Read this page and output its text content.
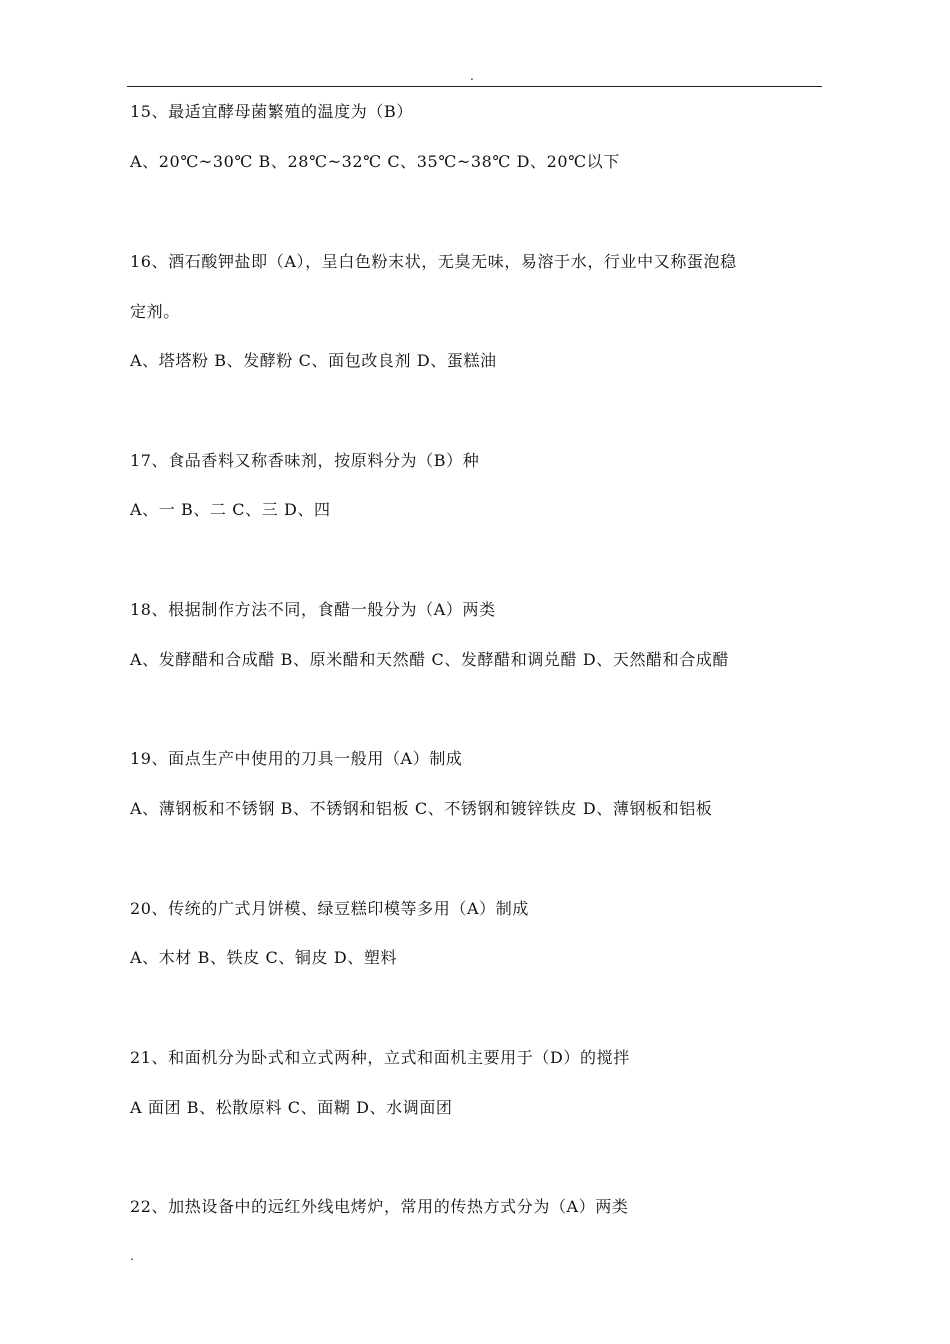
.
15、最适宜酵母菌繁殖的温度为（B）
A、20℃~30℃ B、28℃~32℃ C、35℃~38℃ D、20℃以下
16、酒石酸钾盐即（A），呈白色粉末状，无臭无味，易溶于水，行业中又称蛋泡稳
定剂。
A、塔塔粉 B、发酵粉 C、面包改良剂 D、蛋糕油
17、食品香料又称香味剂，按原料分为（B）种
A、一 B、二 C、三 D、四
18、根据制作方法不同，食醋一般分为（A）两类
A、发酵醋和合成醋 B、原米醋和天然醋 C、发酵醋和调兑醋 D、天然醋和合成醋
19、面点生产中使用的刀具一般用（A）制成
A、薄钢板和不锈钢 B、不锈钢和铝板 C、不锈钢和镀锌铁皮 D、薄钢板和铝板
20、传统的广式月饼模、绿豆糕印模等多用（A）制成
A、木材 B、铁皮 C、铜皮 D、塑料
21、和面机分为卧式和立式两种，立式和面机主要用于（D）的搅拌
A 面团 B、松散原料 C、面糊 D、水调面团
22、加热设备中的远红外线电烤炉，常用的传热方式分为（A）两类
.
